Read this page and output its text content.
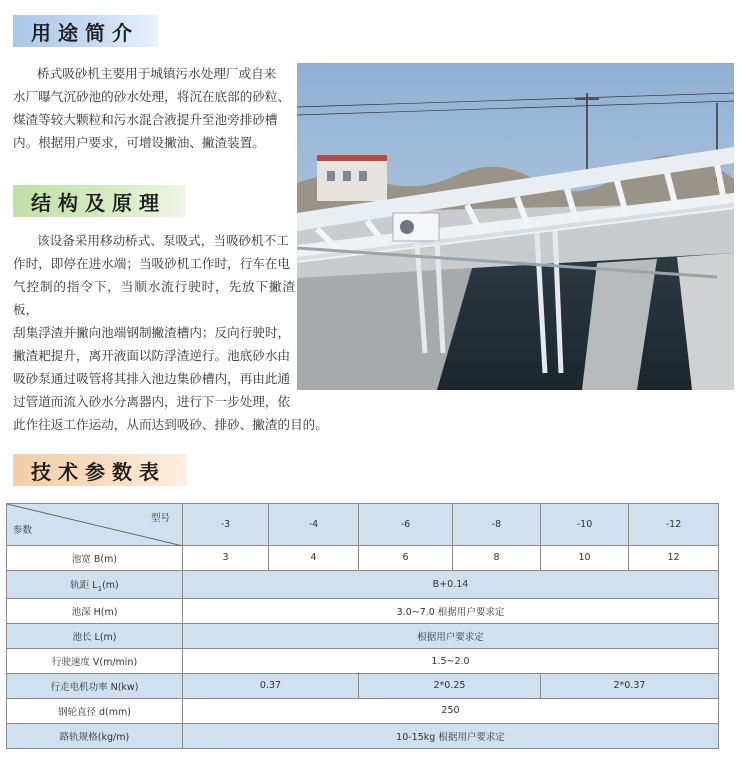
用途简介
桥式吸砂机主要用于城镇污水处理厂或自来
水厂曝气沉砂池的砂水处理，将沉在底部的砂粒、
煤渣等较大颗粒和污水混合液提升至池旁排砂槽
内。根据用户要求，可增设撇油、撇渣装置。
结构及原理
该设备采用移动桥式、泵吸式，当吸砂机不工
作时，即停在进水端；当吸砂机工作时，行车在电
气控制的指令下，当顺水流行驶时，先放下撇渣板，
刮集浮渣并撇向池端钢制撇渣槽内；反向行驶时，
撇渣耙提升，离开液面以防浮渣逆行。池底砂水由
吸砂泵通过吸管将其排入池边集砂槽内，再由此通
过管道而流入砂水分离器内，进行下一步处理，依
此作往返工作运动，从而达到吸砂、排砂、撇渣的目的。
技术参数表
型号
参数	-3	-4	-6	-8	-10	-12
池宽 B(m)	3	4	6	8	10	12
轨距 $L_1(m)$	B+0.14					
池深 H(m)	3.0~7.0 根据用户要求定					
池长 L(m)	根据用户要求定					
行驶速度 V(m/min)	1.5~2.0					
行走电机功率 N(kw)	0.37		2*0.25		2*0.37	
钢轮直径 d(mm)	250					
路轨规格(kg/m)	10-15kg 根据用户要求定					
